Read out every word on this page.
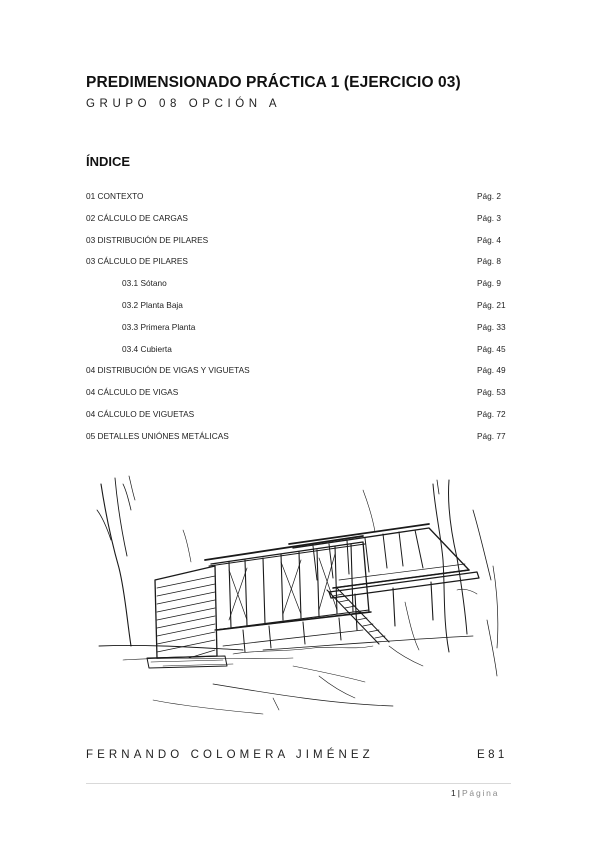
PREDIMENSIONADO PRÁCTICA 1 (EJERCICIO 03)
GRUPO 08 OPCIÓN A
ÍNDICE
01 CONTEXTO	Pág. 2
02 CÁLCULO DE CARGAS	Pág. 3
03 DISTRIBUCIÓN DE PILARES	Pág. 4
03 CÁLCULO DE PILARES	Pág. 8
03.1 Sótano	Pág. 9
03.2 Planta Baja	Pág. 21
03.3 Primera Planta	Pág. 33
03.4 Cubierta	Pág. 45
04 DISTRIBUCIÓN DE VIGAS Y VIGUETAS	Pág. 49
04 CÁLCULO DE VIGAS	Pág. 53
04 CÁLCULO DE VIGUETAS	Pág. 72
05 DETALLES UNIÓNES METÁLICAS	Pág. 77
FERNANDO COLOMERA JIMÉNEZ	E81
1 | Página
